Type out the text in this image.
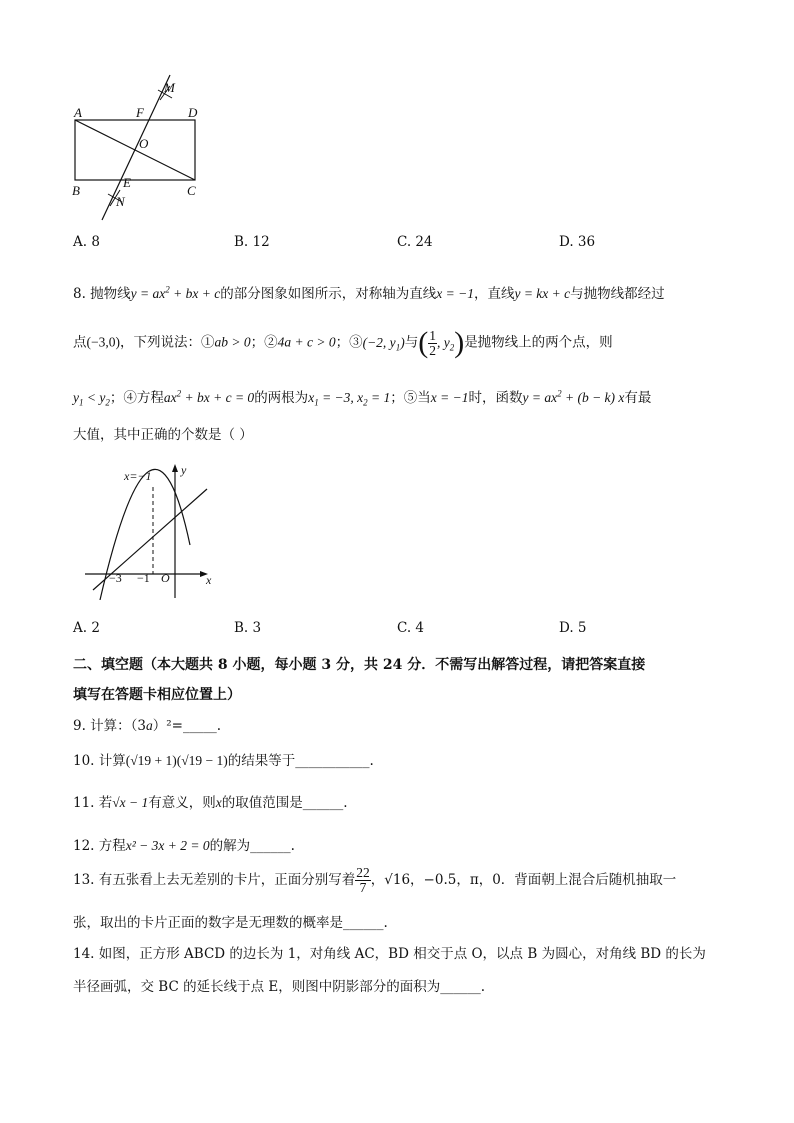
A	D
B	C
F
E
O
M
N
A. 8	B. 12	C. 24	D. 36
8. 抛物线$y = ax^2$ + bx + c的部分图象如图所示，对称轴为直线x = −1，直线y = kx + c与抛物线都经过
点(−3,0)，下列说法：①ab > 0；②4a + c > 0；③(−2, $y_1$)与( $\frac{1}{2}$ , $y_2$)是抛物线上的两个点，则
$y_1 < y_2$；④方程$ax^2$ + bx + c = 0的两根为$x_1 = -3$, $x_2 = 1$；⑤当x = −1时，函数$y = ax^2 + (b - k)$ x有最
大值，其中正确的个数是（ ）
x=−1 y
x
O
−3 −1
A. 2	B. 3	C. 4	D. 5
二、填空题（本大题共 8 小题，每小题 3 分，共 24 分．不需写出解答过程，请把答案直接
填写在答题卡相应位置上）
9. 计算：（3a）²=_____.
10. 计算(√19 + 1)(√19 − 1)的结果等于___________.
11. 若√x − 1有意义，则x的取值范围是______.
12. 方程x² − 3x + 2 = 0的解为______.
13. 有五张看上去无差别的卡片，正面分别写着 $\frac{22}{7}$ ，√16，−0.5，π，0．背面朝上混合后随机抽取一
张，取出的卡片正面的数字是无理数的概率是______.
14. 如图，正方形 ABCD 的边长为 1，对角线 AC，BD 相交于点 O，以点 B 为圆心，对角线 BD 的长为
半径画弧，交 BC 的延长线于点 E，则图中阴影部分的面积为______.
